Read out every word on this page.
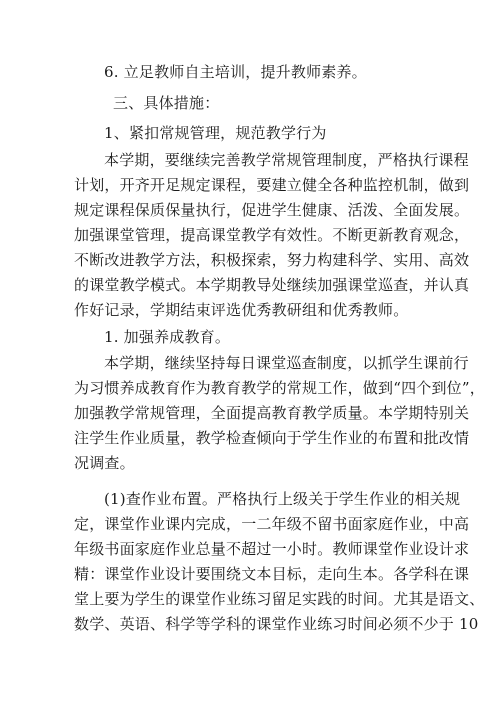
6. 立足教师自主培训，提升教师素养。
三、具体措施：
1、紧扣常规管理，规范教学行为
本学期，要继续完善教学常规管理制度，严格执行课程
计划，开齐开足规定课程，要建立健全各种监控机制，做到
规定课程保质保量执行，促进学生健康、活泼、全面发展。
加强课堂管理，提高课堂教学有效性。不断更新教育观念，
不断改进教学方法，积极探索，努力构建科学、实用、高效
的课堂教学模式。本学期教导处继续加强课堂巡查，并认真
作好记录，学期结束评选优秀教研组和优秀教师。
1. 加强养成教育。
本学期，继续坚持每日课堂巡查制度，以抓学生课前行
为习惯养成教育作为教育教学的常规工作，做到“四个到位”，
加强教学常规管理，全面提高教育教学质量。本学期特别关
注学生作业质量，教学检查倾向于学生作业的布置和批改情
况调查。
(1)查作业布置。严格执行上级关于学生作业的相关规
定，课堂作业课内完成，一二年级不留书面家庭作业，中高
年级书面家庭作业总量不超过一小时。教师课堂作业设计求
精：课堂作业设计要围绕文本目标，走向生本。各学科在课
堂上要为学生的课堂作业练习留足实践的时间。尤其是语文、
数学、英语、科学等学科的课堂作业练习时间必须不少于 10
